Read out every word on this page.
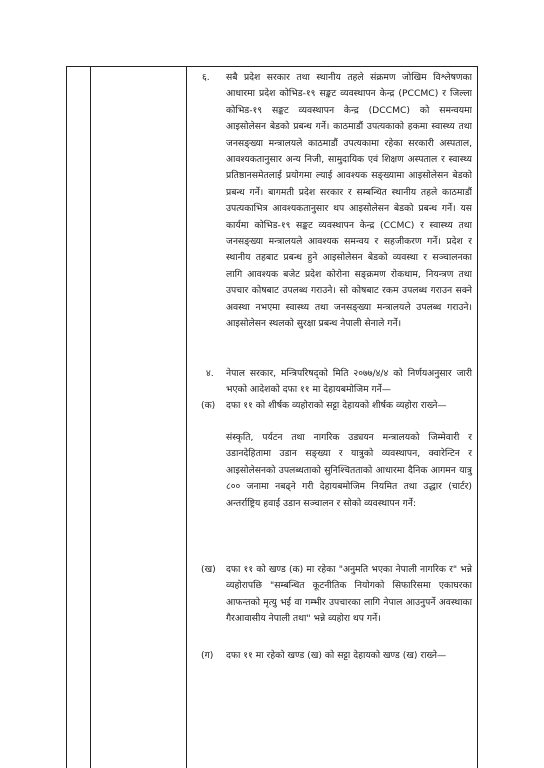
६. सबै प्रदेश सरकार तथा स्थानीय तहले संक्रमण जोखिम विश्लेषणका आधारमा प्रदेश कोभिड-१९ सङ्कट व्यवस्थापन केन्द्र (PCCMC) र जिल्ला कोभिड-१९ सङ्कट व्यवस्थापन केन्द्र (DCCMC) को समन्वयमा आइसोलेसन बेडको प्रबन्ध गर्ने। काठमाडौं उपत्यकाको हकमा स्वास्थ्य तथा जनसङ्ख्या मन्त्रालयले काठमाडौं उपत्यकामा रहेका सरकारी अस्पताल, आवश्यकतानुसार अन्य निजी, सामुदायिक एवं शिक्षण अस्पताल र स्वास्थ्य प्रतिष्ठानसमेतलाई प्रयोगमा ल्याई आवश्यक सङ्ख्यामा आइसोलेसन बेडको प्रबन्ध गर्ने। बागमती प्रदेश सरकार र सम्बन्धित स्थानीय तहले काठमाडौं उपत्यकाभित्र आवश्यकतानुसार थप आइसोलेसन बेडको प्रबन्ध गर्ने। यस कार्यमा कोभिड-१९ सङ्कट व्यवस्थापन केन्द्र (CCMC) र स्वास्थ्य तथा जनसङ्ख्या मन्त्रालयले आवश्यक समन्वय र सहजीकरण गर्ने। प्रदेश र स्थानीय तहबाट प्रबन्ध हुने आइसोलेसन बेडको व्यवस्था र सञ्चालनका लागि आवश्यक बजेट प्रदेश कोरोना सङ्क्रमण रोकथाम, नियन्त्रण तथा उपचार कोषबाट उपलब्ध गराउने। सो कोषबाट रकम उपलब्ध गराउन सक्ने अवस्था नभएमा स्वास्थ्य तथा जनसङ्ख्या मन्त्रालयले उपलब्ध गराउने। आइसोलेसन स्थलको सुरक्षा प्रबन्ध नेपाली सेनाले गर्ने।
४. नेपाल सरकार, मन्त्रिपरिषद्को मिति २०७७/४/४ को निर्णयअनुसार जारी भएको आदेशको दफा ११ मा देहायबमोजिम गर्ने—
(क) दफा ११ को शीर्षक व्यहोराको सट्टा देहायको शीर्षक व्यहोरा राख्ने—
संस्कृति, पर्यटन तथा नागरिक उड्ययन मन्त्रालयको जिम्मेवारी र उडानदेहितामा उडान सङ्ख्या र यात्रुको व्यवस्थापन, क्वारेन्टिन र आइसोलेसनको उपलब्धताको सुनिश्चितताको आधारमा दैनिक आगमन यात्रु ८०० जनामा नबढ्ने गरी देहायबमोजिम नियमित तथा उद्धार (चार्टर) अन्तर्राष्ट्रिय हवाई उडान सञ्चालन र सोको व्यवस्थापन गर्ने:
(ख) दफा ११ को खण्ड (क) मा रहेका "अनुमति भएका नेपाली नागरिक र" भन्ने व्यहोरापछि "सम्बन्धित कूटनीतिक नियोगको सिफारिसमा एकाघरका आफन्तको मृत्यु भई वा गम्भीर उपचारका लागि नेपाल आउनुपर्ने अवस्थाका गैरआवासीय नेपाली तथा" भन्ने व्यहोरा थप गर्ने।
(ग) दफा ११ मा रहेको खण्ड (ख) को सट्टा देहायको खण्ड (ख) राख्ने—
